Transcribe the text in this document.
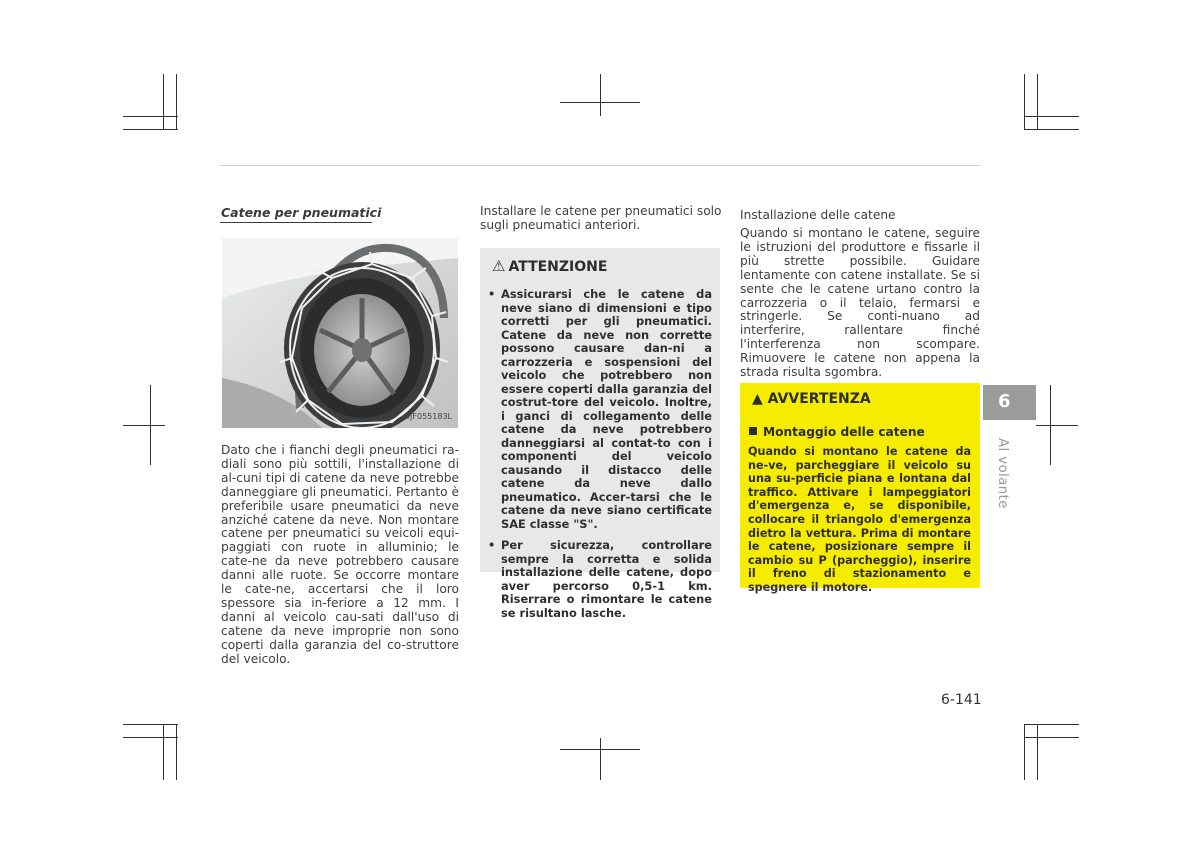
Catene per pneumatici
OJF055183L

Dato che i fianchi degli pneumatici ra-diali sono più sottili, l'installazione di al-cuni tipi di catene da neve potrebbe danneggiare gli pneumatici. Pertanto è preferibile usare pneumatici da neve anziché catene da neve. Non montare catene per pneumatici su veicoli equi-paggiati con ruote in alluminio; le cate-ne da neve potrebbero causare danni alle ruote. Se occorre montare le cate-ne, accertarsi che il loro spessore sia in-feriore a 12 mm. I danni al veicolo cau-sati dall'uso di catene da neve improprie non sono coperti dalla garanzia del co-struttore del veicolo.

Installare le catene per pneumatici solo sugli pneumatici anteriori.

⚠ ATTENZIONE
• Assicurarsi che le catene da neve siano di dimensioni e tipo corretti per gli pneumatici. Catene da neve non corrette possono causare dan-ni a carrozzeria e sospensioni del veicolo che potrebbero non essere coperti dalla garanzia del costrut-tore del veicolo. Inoltre, i ganci di collegamento delle catene da neve potrebbero danneggiarsi al contat-to con i componenti del veicolo causando il distacco delle catene da neve dallo pneumatico. Accer-tarsi che le catene da neve siano certificate SAE classe "S".
• Per sicurezza, controllare sempre la corretta e solida installazione delle catene, dopo aver percorso 0,5-1 km. Riserrare o rimontare le catene se risultano lasche.

Installazione delle catene

Quando si montano le catene, seguire le istruzioni del produttore e fissarle il più strette possibile. Guidare lentamente con catene installate. Se si sente che le catene urtano contro la carrozzeria o il telaio, fermarsi e stringerle. Se conti-nuano ad interferire, rallentare finché l'interferenza non scompare. Rimuovere le catene non appena la strada risulta sgombra.

▲ AVVERTENZA
Montaggio delle catene
Quando si montano le catene da ne-ve, parcheggiare il veicolo su una su-perficie piana e lontana dal traffico. Attivare i lampeggiatori d'emergenza e, se disponibile, collocare il triangolo d'emergenza dietro la vettura. Prima di montare le catene, posizionare sempre il cambio su P (parcheggio), inserire il freno di stazionamento e spegnere il motore.
6
Al volante
6-141
